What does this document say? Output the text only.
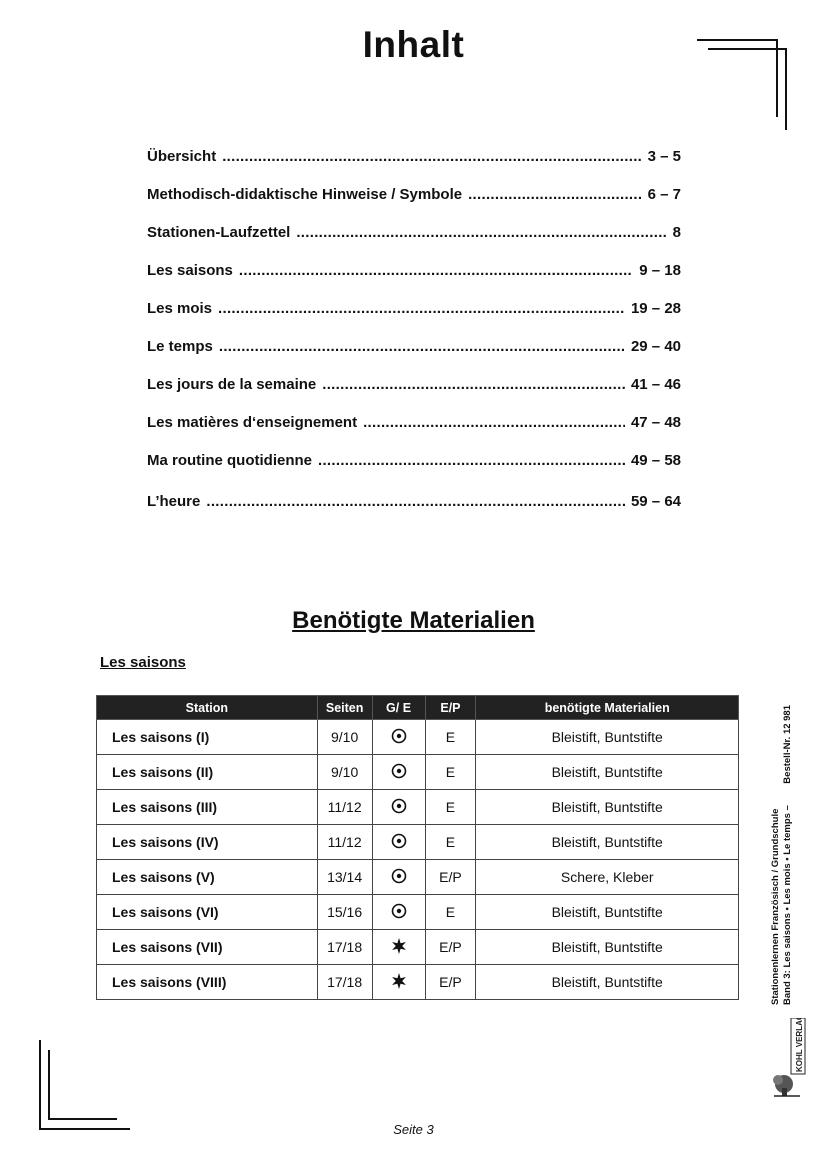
Inhalt
Übersicht .....	3 – 5
Methodisch-didaktische Hinweise / Symbole .....	6 – 7
Stationen-Laufzettel .....	8
Les saisons .....	9 – 18
Les mois .....	19 – 28
Le temps .....	29 – 40
Les jours de la semaine .....	41 – 46
Les matières d‘enseignement .....	47 – 48
Ma routine quotidienne .....	49 – 58
L’heure .....	59 – 64
Benötigte Materialien
Les saisons
Station	Seiten	G/ E	E/P	benötigte Materialien
Les saisons (I)	9/10		E	Bleistift, Buntstifte
Les saisons (II)	9/10		E	Bleistift, Buntstifte
Les saisons (III)	11/12		E	Bleistift, Buntstifte
Les saisons (IV)	11/12		E	Bleistift, Buntstifte
Les saisons (V)	13/14		E/P	Schere, Kleber
Les saisons (VI)	15/16		E	Bleistift, Buntstifte
Les saisons (VII)	17/18		E/P	Bleistift, Buntstifte
Les saisons (VIII)	17/18		E/P	Bleistift, Buntstifte	Stationenlernen Französisch / Grundschule Band 3: Les saisons • Les mois • Le temps –
Bestell-Nr. 12 981
KOHL VERLAG
Seite 3
